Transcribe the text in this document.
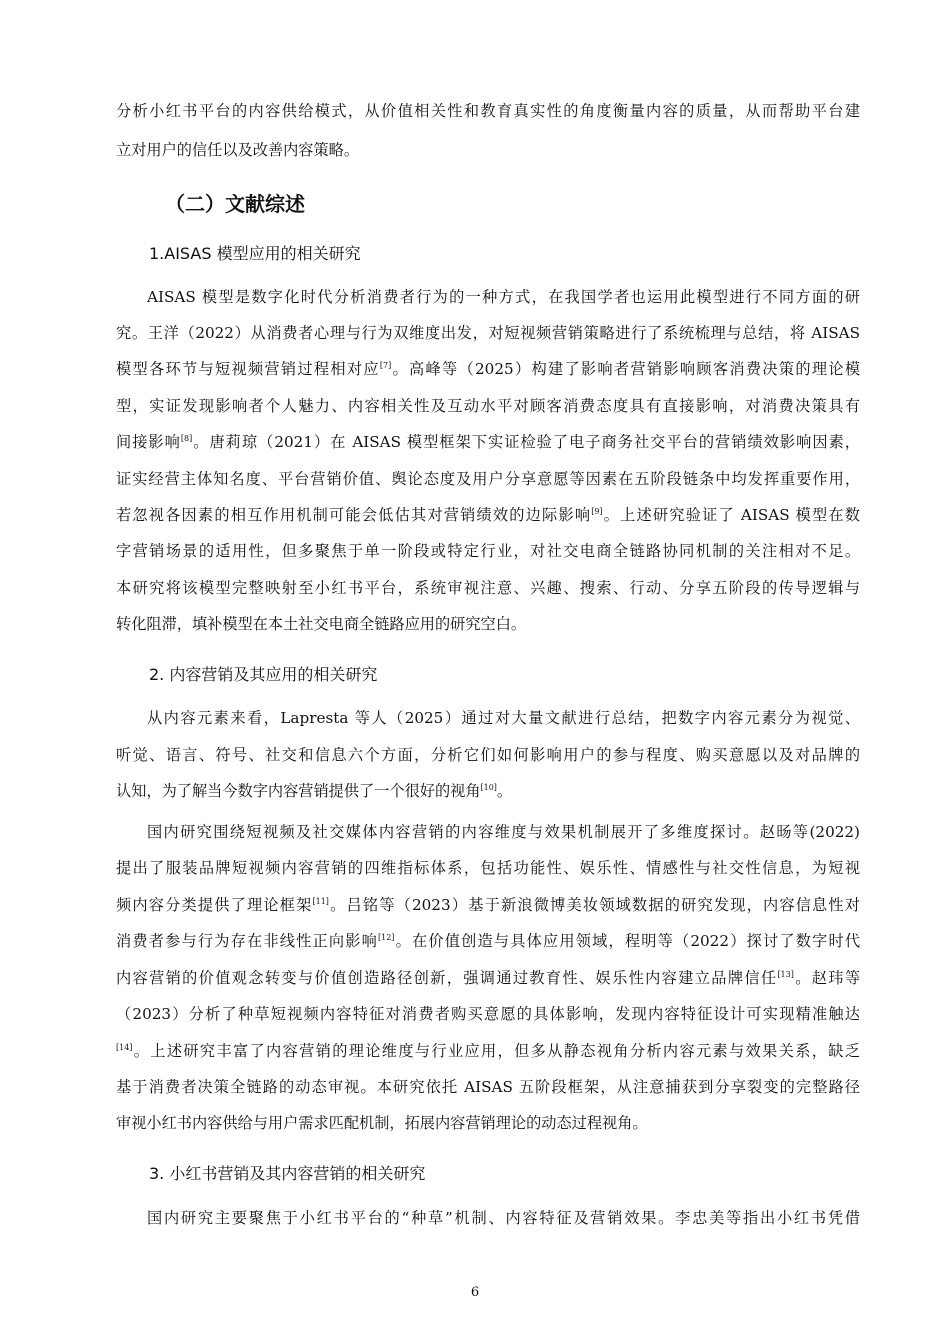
分析小红书平台的内容供给模式，从价值相关性和教育真实性的角度衡量内容的质量，从而帮助平台建
立对用户的信任以及改善内容策略。
（二）文献综述
1.AISAS 模型应用的相关研究
AISAS 模型是数字化时代分析消费者行为的一种方式，在我国学者也运用此模型进行不同方面的研
究。王洋（2022）从消费者心理与行为双维度出发，对短视频营销策略进行了系统梳理与总结，将 AISAS
模型各环节与短视频营销过程相对应[7]。高峰等（2025）构建了影响者营销影响顾客消费决策的理论模
型，实证发现影响者个人魅力、内容相关性及互动水平对顾客消费态度具有直接影响，对消费决策具有
间接影响[8]。唐莉琼（2021）在 AISAS 模型框架下实证检验了电子商务社交平台的营销绩效影响因素，
证实经营主体知名度、平台营销价值、舆论态度及用户分享意愿等因素在五阶段链条中均发挥重要作用，
若忽视各因素的相互作用机制可能会低估其对营销绩效的边际影响[9]。上述研究验证了 AISAS 模型在数
字营销场景的适用性，但多聚焦于单一阶段或特定行业，对社交电商全链路协同机制的关注相对不足。
本研究将该模型完整映射至小红书平台，系统审视注意、兴趣、搜索、行动、分享五阶段的传导逻辑与
转化阻滞，填补模型在本土社交电商全链路应用的研究空白。
2. 内容营销及其应用的相关研究
从内容元素来看，Lapresta 等人（2025）通过对大量文献进行总结，把数字内容元素分为视觉、
听觉、语言、符号、社交和信息六个方面，分析它们如何影响用户的参与程度、购买意愿以及对品牌的
认知，为了解当今数字内容营销提供了一个很好的视角[10]。
国内研究围绕短视频及社交媒体内容营销的内容维度与效果机制展开了多维度探讨。赵旸等(2022)
提出了服装品牌短视频内容营销的四维指标体系，包括功能性、娱乐性、情感性与社交性信息，为短视
频内容分类提供了理论框架[11]。吕铭等（2023）基于新浪微博美妆领域数据的研究发现，内容信息性对
消费者参与行为存在非线性正向影响[12]。在价值创造与具体应用领域，程明等（2022）探讨了数字时代
内容营销的价值观念转变与价值创造路径创新，强调通过教育性、娱乐性内容建立品牌信任[13]。赵玮等
（2023）分析了种草短视频内容特征对消费者购买意愿的具体影响，发现内容特征设计可实现精准触达
[14]。上述研究丰富了内容营销的理论维度与行业应用，但多从静态视角分析内容元素与效果关系，缺乏
基于消费者决策全链路的动态审视。本研究依托 AISAS 五阶段框架，从注意捕获到分享裂变的完整路径
审视小红书内容供给与用户需求匹配机制，拓展内容营销理论的动态过程视角。
3. 小红书营销及其内容营销的相关研究
国内研究主要聚焦于小红书平台的“种草”机制、内容特征及营销效果。李忠美等指出小红书凭借
6
